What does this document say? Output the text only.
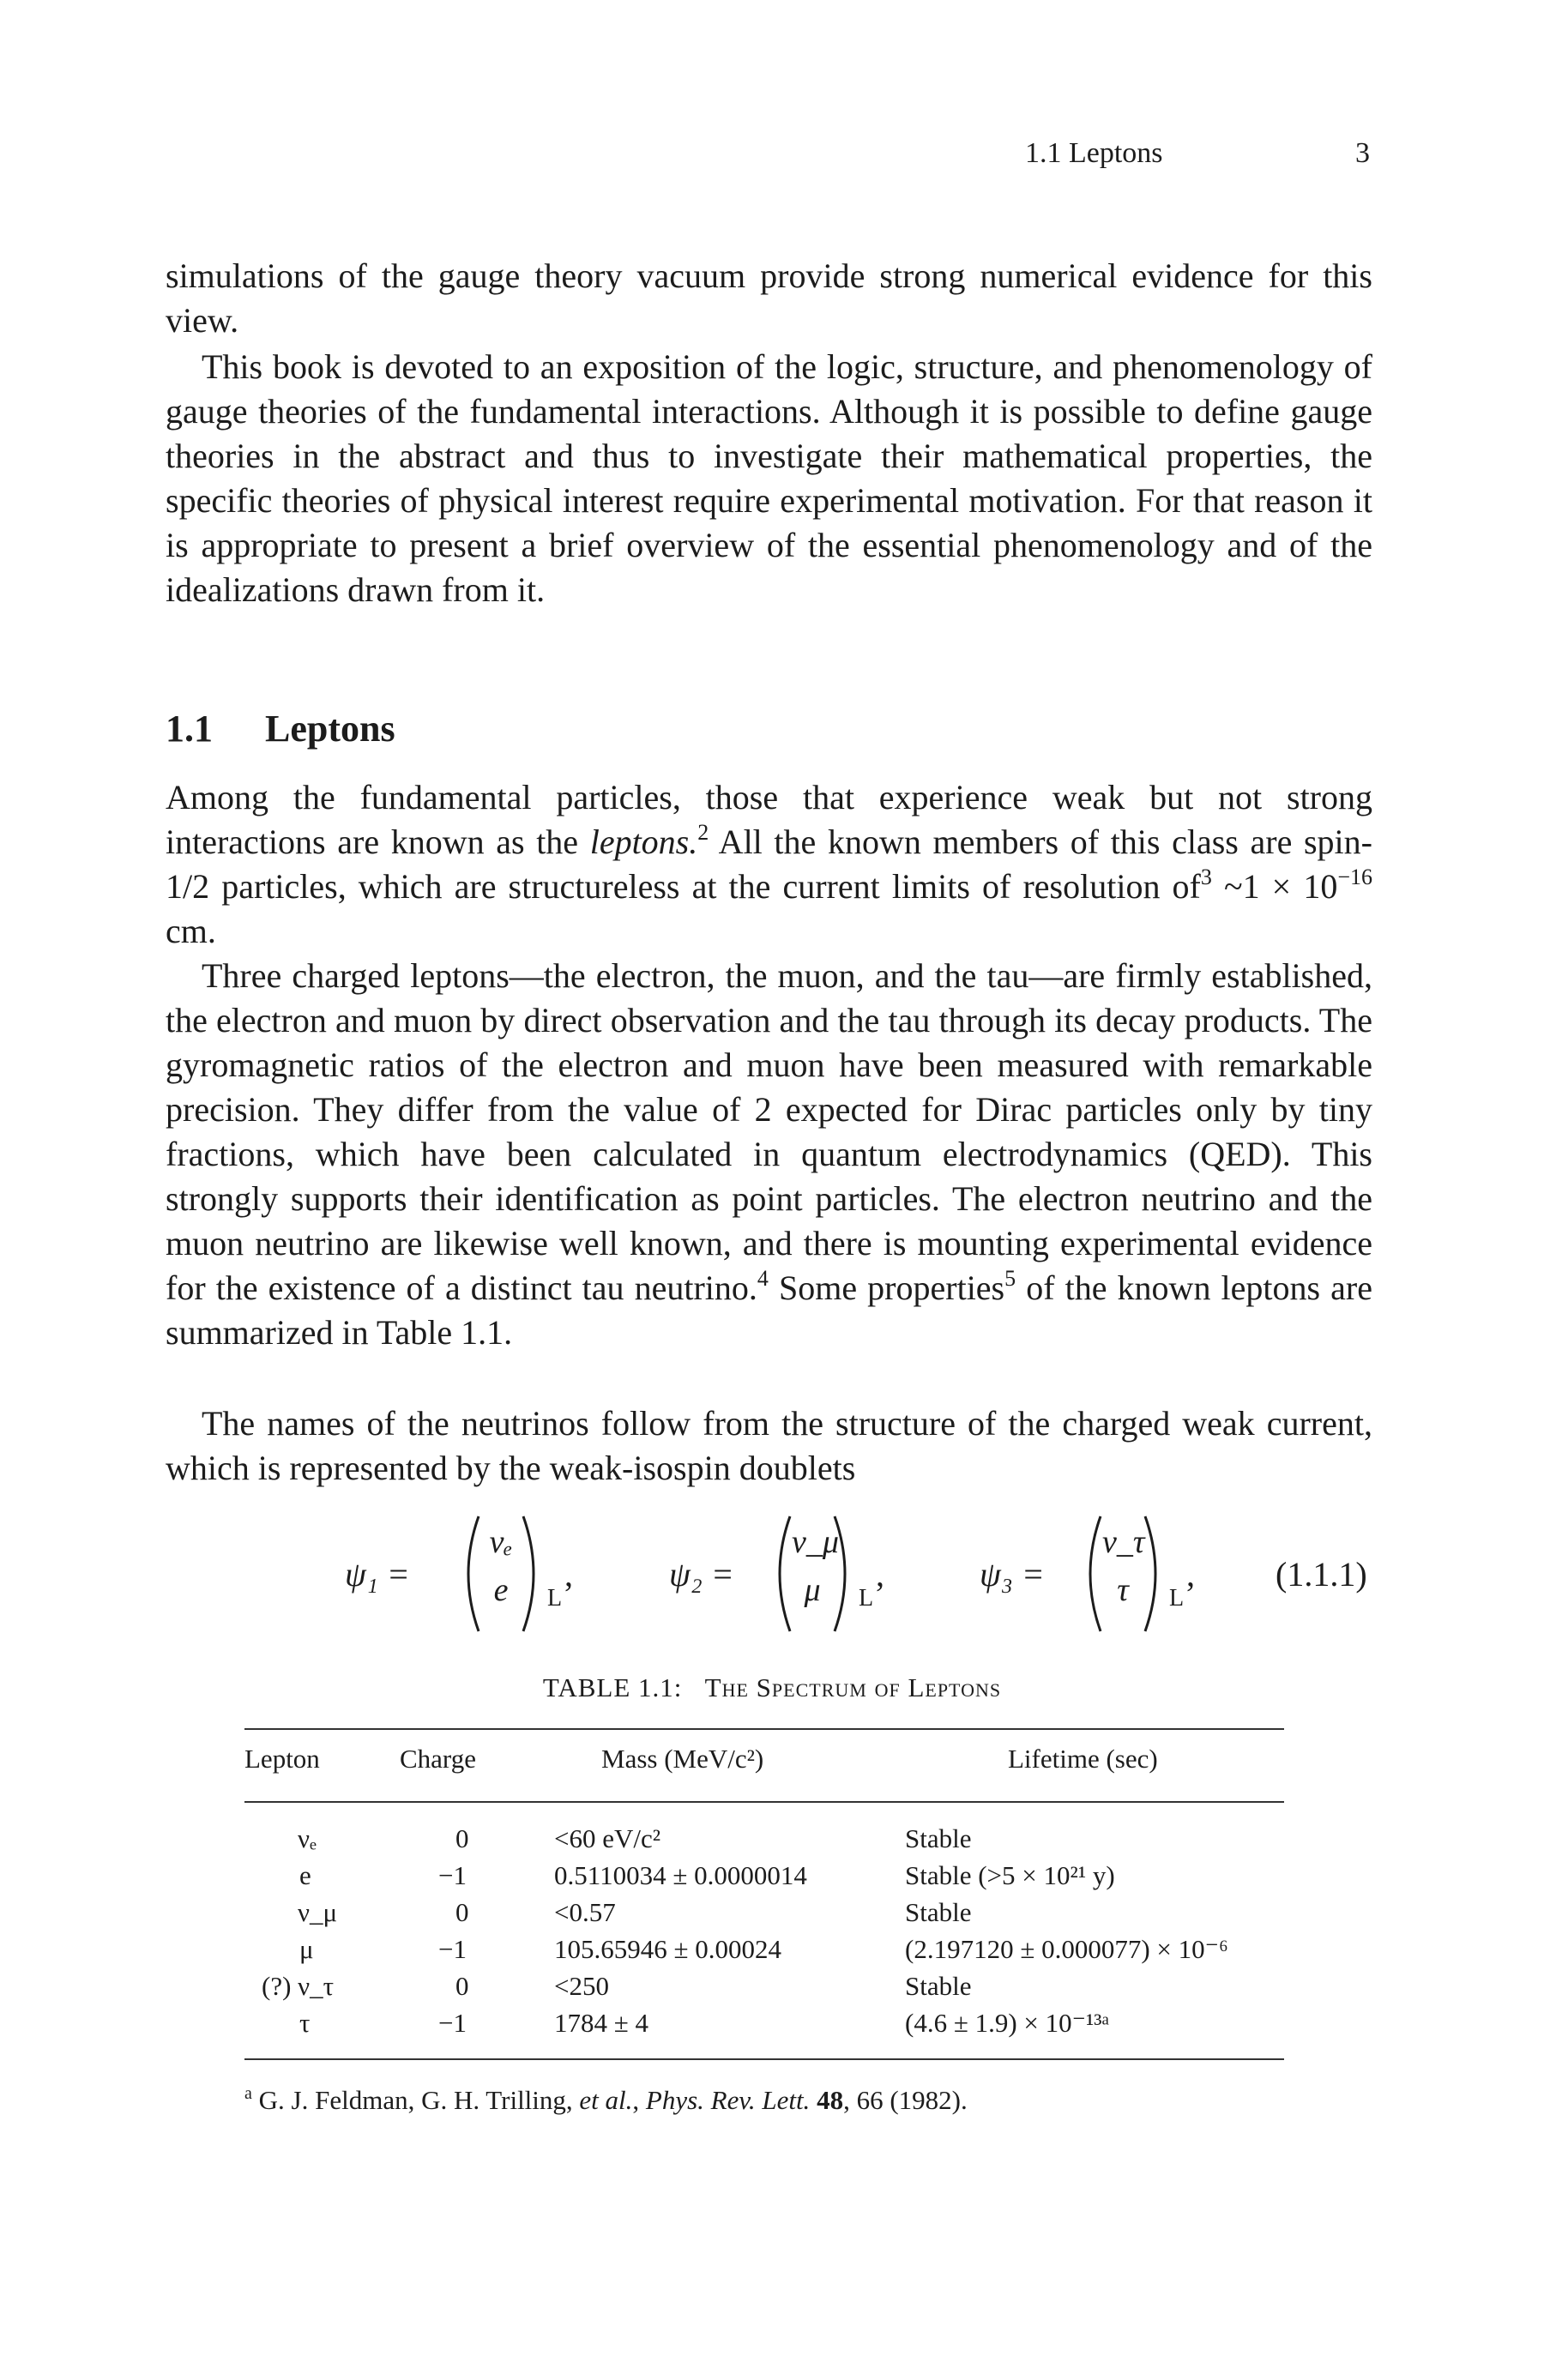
1.1 Leptons	3

simulations of the gauge theory vacuum provide strong numerical evidence for this view.

This book is devoted to an exposition of the logic, structure, and phenomenology of gauge theories of the fundamental interactions. Although it is possible to define gauge theories in the abstract and thus to investigate their mathematical properties, the specific theories of physical interest require experimental motivation. For that reason it is appropriate to present a brief overview of the essential phenomenology and of the idealizations drawn from it.

1.1 Leptons

Among the fundamental particles, those that experience weak but not strong interactions are known as the leptons.$^2$ All the known members of this class are spin-1/2 particles, which are structureless at the current limits of resolution $of^3$ ~1 × $10^{-16}$ cm.

Three charged leptons—the electron, the muon, and the tau—are firmly established, the electron and muon by direct observation and the tau through its decay products. The gyromagnetic ratios of the electron and muon have been measured with remarkable precision. They differ from the value of 2 expected for Dirac particles only by tiny fractions, which have been calculated in quantum electrodynamics (QED). This strongly supports their identification as point particles. The electron neutrino and the muon neutrino are likewise well known, and there is mounting experimental evidence for the existence of a distinct tau neutrino.$^4$ Some properties$^5$ of the known leptons are summarized in Table 1.1.

The names of the neutrinos follow from the structure of the charged weak current, which is represented by the weak-isospin doublets

ψ₁ =
νₑ
e	L
,	ψ₂ =
ν_μ
μ	L
,	ψ₃ =
ν_τ
τ	L
, (1.1.1)
TABLE 1.1: The Spectrum of Leptons
Lepton	Charge	Mass (MeV/c²)	Lifetime (sec)
νₑ	0	<60 eV/c²	Stable
e	−1	0.5110034 ± 0.0000014	Stable (>5 × 10²¹ y)
ν_μ	0	<0.57	Stable
μ	−1	105.65946 ± 0.00024	(2.197120 ± 0.000077) × 10⁻⁶
(?) ν_τ	0	<250	Stable
τ	−1	1784 ± 4	(4.6 ± 1.9) × 10⁻¹³ᵃ
$^a$ G. J. Feldman, G. H. Trilling, et al., Phys. Rev. Lett. 48, 66 (1982).
